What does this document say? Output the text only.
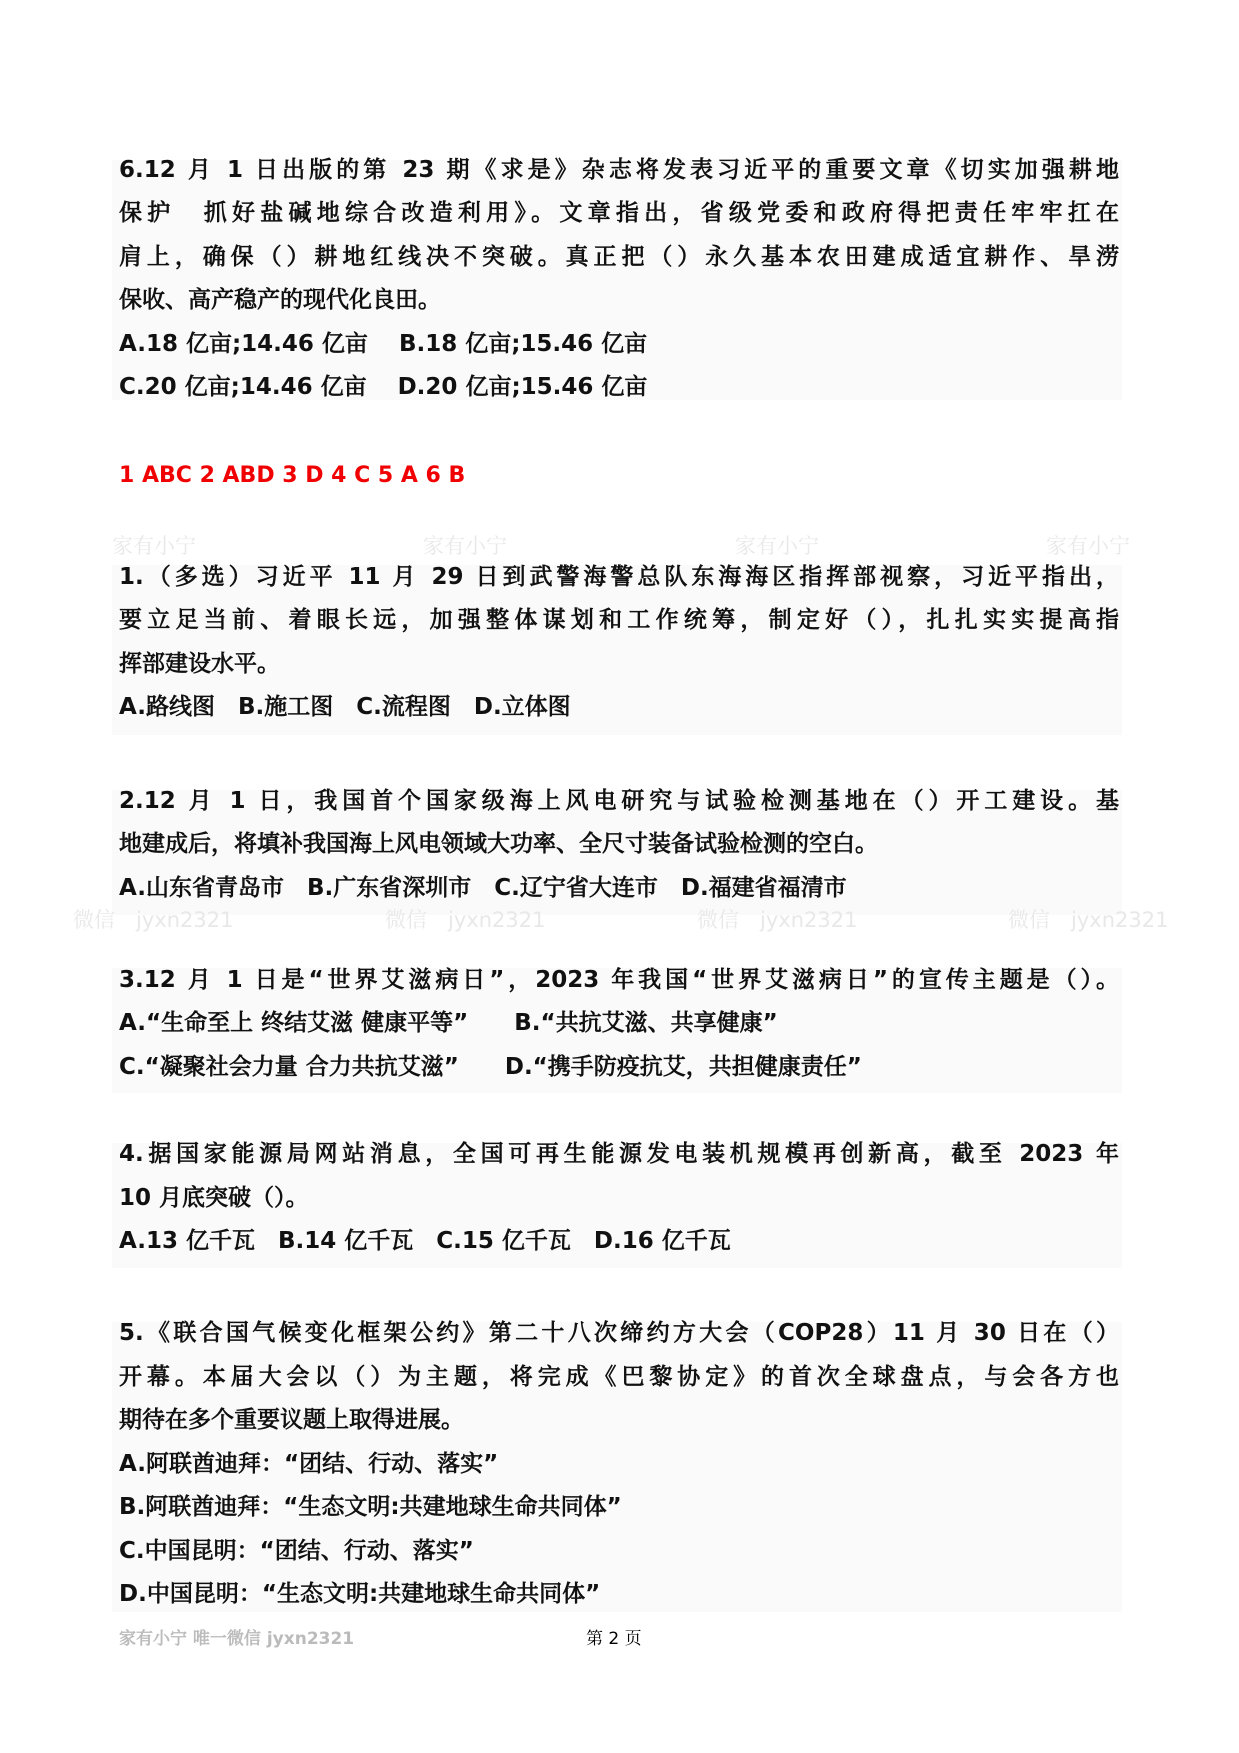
家有小宁	家有小宁	家有小宁	家有小宁
微信　jyxn2321	微信　jyxn2321	微信　jyxn2321	微信　jyxn2321
6.12 月 1 日出版的第 23 期《求是》杂志将发表习近平的重要文章《切实加强耕地
保护　抓好盐碱地综合改造利用》。文章指出，省级党委和政府得把责任牢牢扛在
肩上，确保（）耕地红线决不突破。真正把（）永久基本农田建成适宜耕作、旱涝
保收、高产稳产的现代化良田。
A.18 亿亩;14.46 亿亩　 B.18 亿亩;15.46 亿亩
C.20 亿亩;14.46 亿亩　 D.20 亿亩;15.46 亿亩
1 ABC 2 ABD 3 D 4 C 5 A 6 B
1.（多选）习近平 11 月 29 日到武警海警总队东海海区指挥部视察，习近平指出，
要立足当前、着眼长远，加强整体谋划和工作统筹，制定好（），扎扎实实提高指
挥部建设水平。
A.路线图　B.施工图　C.流程图　D.立体图
2.12 月 1 日，我国首个国家级海上风电研究与试验检测基地在（）开工建设。基
地建成后，将填补我国海上风电领域大功率、全尺寸装备试验检测的空白。
A.山东省青岛市　B.广东省深圳市　C.辽宁省大连市　D.福建省福清市
3.12 月 1 日是“世界艾滋病日”，2023 年我国“世界艾滋病日”的宣传主题是（）。
A.“生命至上 终结艾滋 健康平等”　　B.“共抗艾滋、共享健康”
C.“凝聚社会力量 合力共抗艾滋”　　D.“携手防疫抗艾，共担健康责任”
4.据国家能源局网站消息，全国可再生能源发电装机规模再创新高，截至 2023 年
10 月底突破（）。
A.13 亿千瓦　B.14 亿千瓦　C.15 亿千瓦　D.16 亿千瓦
5.《联合国气候变化框架公约》第二十八次缔约方大会（COP28）11 月 30 日在（）
开幕。本届大会以（）为主题，将完成《巴黎协定》的首次全球盘点，与会各方也
期待在多个重要议题上取得进展。
A.阿联酋迪拜：“团结、行动、落实”
B.阿联酋迪拜：“生态文明:共建地球生命共同体”
C.中国昆明：“团结、行动、落实”
D.中国昆明：“生态文明:共建地球生命共同体”
家有小宁 唯一微信 jyxn2321	第 2 页
